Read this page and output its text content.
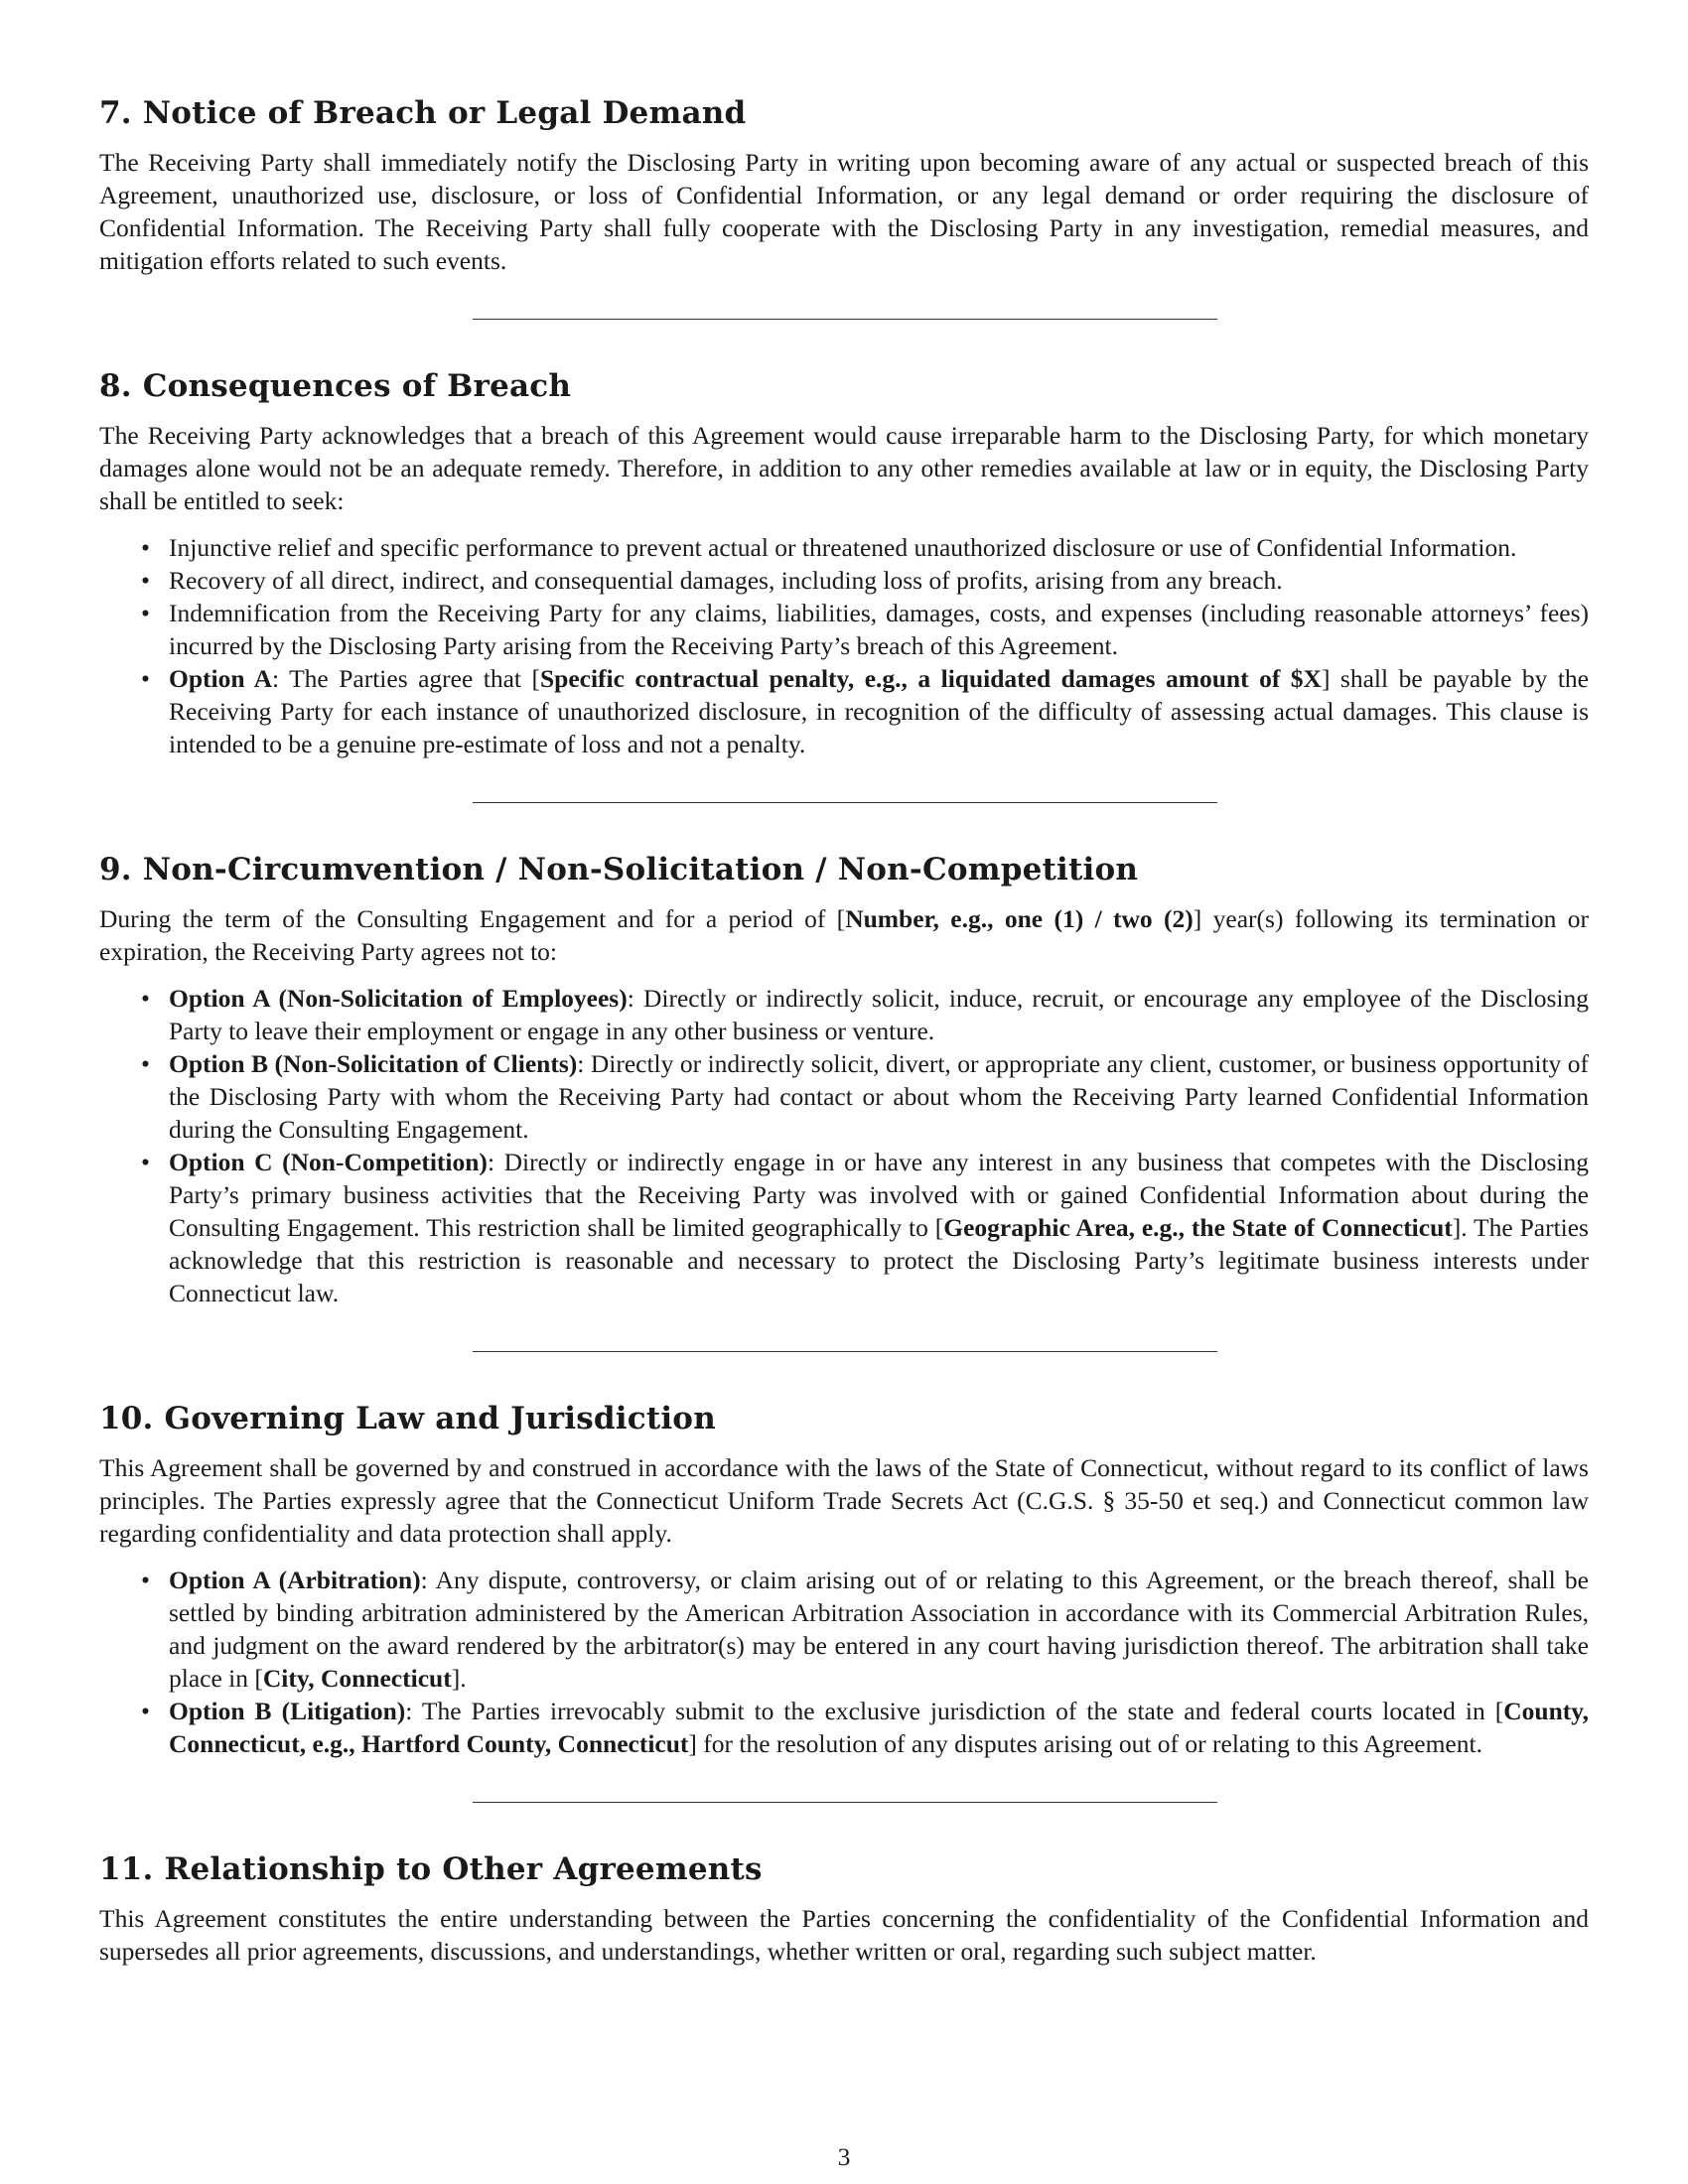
7. Notice of Breach or Legal Demand

The Receiving Party shall immediately notify the Disclosing Party in writing upon becoming aware of any actual or suspected breach of this Agreement, unauthorized use, disclosure, or loss of Confidential Information, or any legal demand or order requiring the disclosure of Confidential Information. The Receiving Party shall fully cooperate with the Disclosing Party in any investigation, remedial measures, and mitigation efforts related to such events.

8. Consequences of Breach

The Receiving Party acknowledges that a breach of this Agreement would cause irreparable harm to the Disclosing Party, for which monetary damages alone would not be an adequate remedy. Therefore, in addition to any other remedies available at law or in equity, the Disclosing Party shall be entitled to seek:

• Injunctive relief and specific performance to prevent actual or threatened unauthorized disclosure or use of Confidential Information.
• Recovery of all direct, indirect, and consequential damages, including loss of profits, arising from any breach.
• Indemnification from the Receiving Party for any claims, liabilities, damages, costs, and expenses (including reasonable attorneys’ fees) incurred by the Disclosing Party arising from the Receiving Party’s breach of this Agreement.
• Option A: The Parties agree that [Specific contractual penalty, e.g., a liquidated damages amount of $X] shall be payable by the Receiving Party for each instance of unauthorized disclosure, in recognition of the difficulty of assessing actual damages. This clause is intended to be a genuine pre-estimate of loss and not a penalty.
9. Non-Circumvention / Non-Solicitation / Non-Competition

During the term of the Consulting Engagement and for a period of [Number, e.g., one (1) / two (2)] year(s) following its termination or expiration, the Receiving Party agrees not to:

• Option A (Non-Solicitation of Employees): Directly or indirectly solicit, induce, recruit, or encourage any employee of the Disclosing Party to leave their employment or engage in any other business or venture.
• Option B (Non-Solicitation of Clients): Directly or indirectly solicit, divert, or appropriate any client, customer, or business opportunity of the Disclosing Party with whom the Receiving Party had contact or about whom the Receiving Party learned Confidential Information during the Consulting Engagement.
• Option C (Non-Competition): Directly or indirectly engage in or have any interest in any business that competes with the Disclosing Party’s primary business activities that the Receiving Party was involved with or gained Confidential Information about during the Consulting Engagement. This restriction shall be limited geographically to [Geographic Area, e.g., the State of Connecticut]. The Parties acknowledge that this restriction is reasonable and necessary to protect the Disclosing Party’s legitimate business interests under Connecticut law.
10. Governing Law and Jurisdiction

This Agreement shall be governed by and construed in accordance with the laws of the State of Connecticut, without regard to its conflict of laws principles. The Parties expressly agree that the Connecticut Uniform Trade Secrets Act (C.G.S. § 35-50 et seq.) and Connecticut common law regarding confidentiality and data protection shall apply.

• Option A (Arbitration): Any dispute, controversy, or claim arising out of or relating to this Agreement, or the breach thereof, shall be settled by binding arbitration administered by the American Arbitration Association in accordance with its Commercial Arbitration Rules, and judgment on the award rendered by the arbitrator(s) may be entered in any court having jurisdiction thereof. The arbitration shall take place in [City, Connecticut].
• Option B (Litigation): The Parties irrevocably submit to the exclusive jurisdiction of the state and federal courts located in [County, Connecticut, e.g., Hartford County, Connecticut] for the resolution of any disputes arising out of or relating to this Agreement.
11. Relationship to Other Agreements

This Agreement constitutes the entire understanding between the Parties concerning the confidentiality of the Confidential Information and supersedes all prior agreements, discussions, and understandings, whether written or oral, regarding such subject matter.

3
